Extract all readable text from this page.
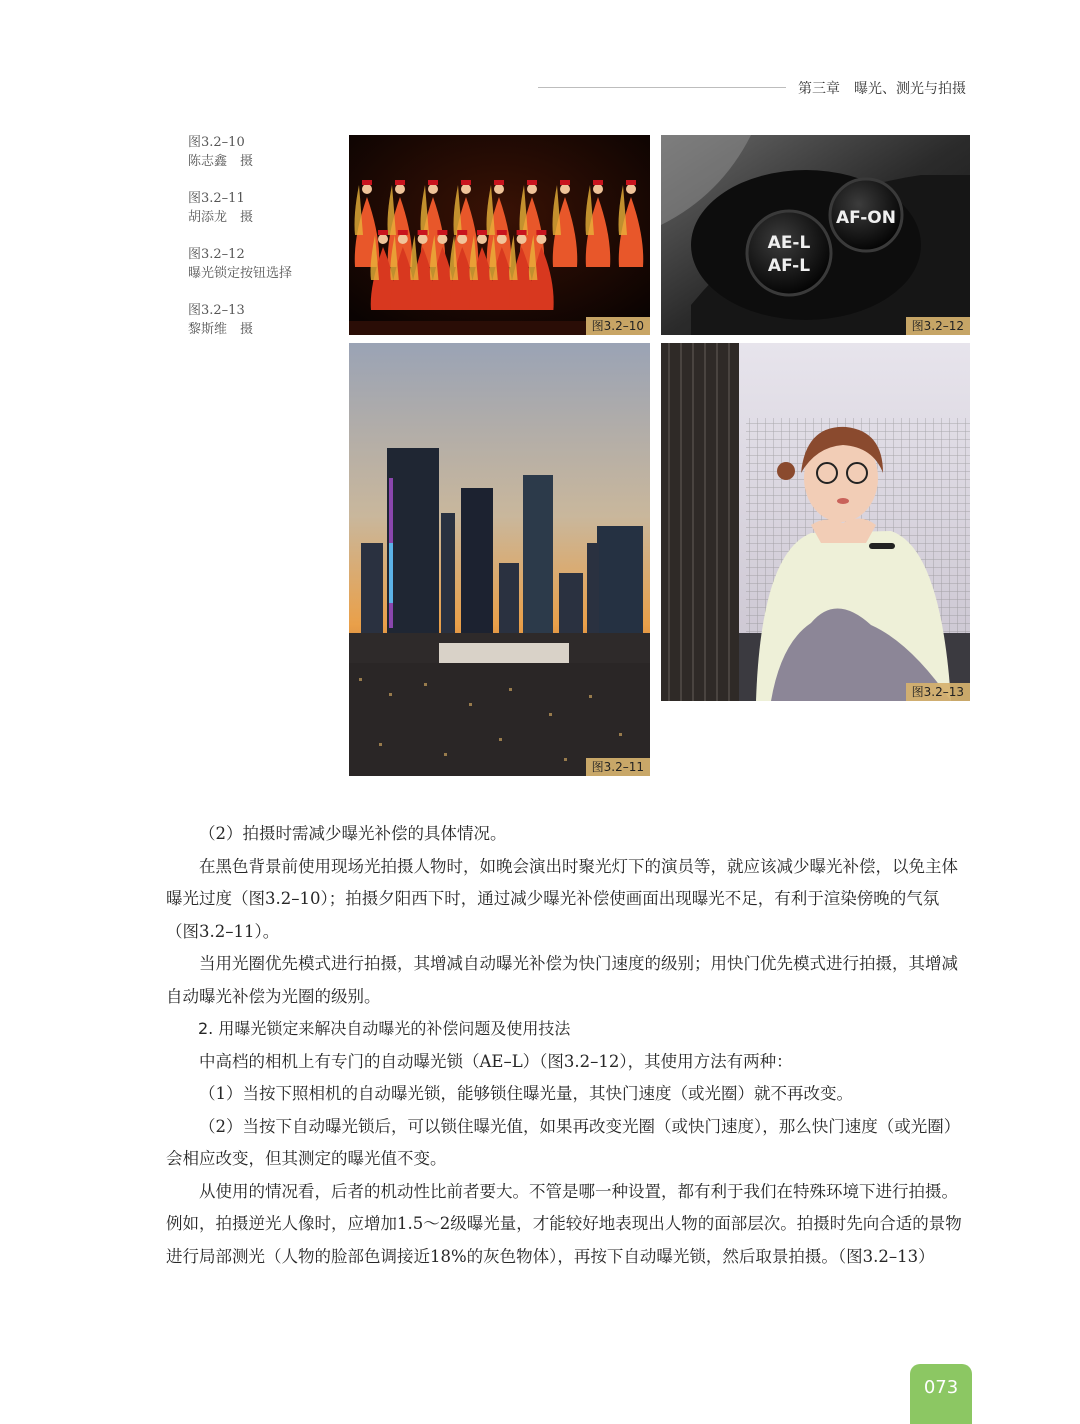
第三章　曝光、测光与拍摄
图3.2–10
陈志鑫　摄
图3.2–11
胡添龙　摄
图3.2–12
曝光锁定按钮选择
图3.2–13
黎斯维　摄	图3.2–10
AF-ON
AE-L
AF-L
图3.2–12
图3.2–11
图3.2–13

（2）拍摄时需减少曝光补偿的具体情况。

在黑色背景前使用现场光拍摄人物时，如晚会演出时聚光灯下的演员等，就应该减少曝光补偿，以免主体曝光过度（图3.2–10）；拍摄夕阳西下时，通过减少曝光补偿使画面出现曝光不足，有利于渲染傍晚的气氛（图3.2–11）。

当用光圈优先模式进行拍摄，其增减自动曝光补偿为快门速度的级别；用快门优先模式进行拍摄，其增减自动曝光补偿为光圈的级别。

2. 用曝光锁定来解决自动曝光的补偿问题及使用技法

中高档的相机上有专门的自动曝光锁（AE–L）（图3.2–12），其使用方法有两种：

（1）当按下照相机的自动曝光锁，能够锁住曝光量，其快门速度（或光圈）就不再改变。

（2）当按下自动曝光锁后，可以锁住曝光值，如果再改变光圈（或快门速度），那么快门速度（或光圈）会相应改变，但其测定的曝光值不变。

从使用的情况看，后者的机动性比前者要大。不管是哪一种设置，都有利于我们在特殊环境下进行拍摄。例如，拍摄逆光人像时，应增加1.5～2级曝光量，才能较好地表现出人物的面部层次。拍摄时先向合适的景物进行局部测光（人物的脸部色调接近18%的灰色物体），再按下自动曝光锁，然后取景拍摄。（图3.2–13）

073
